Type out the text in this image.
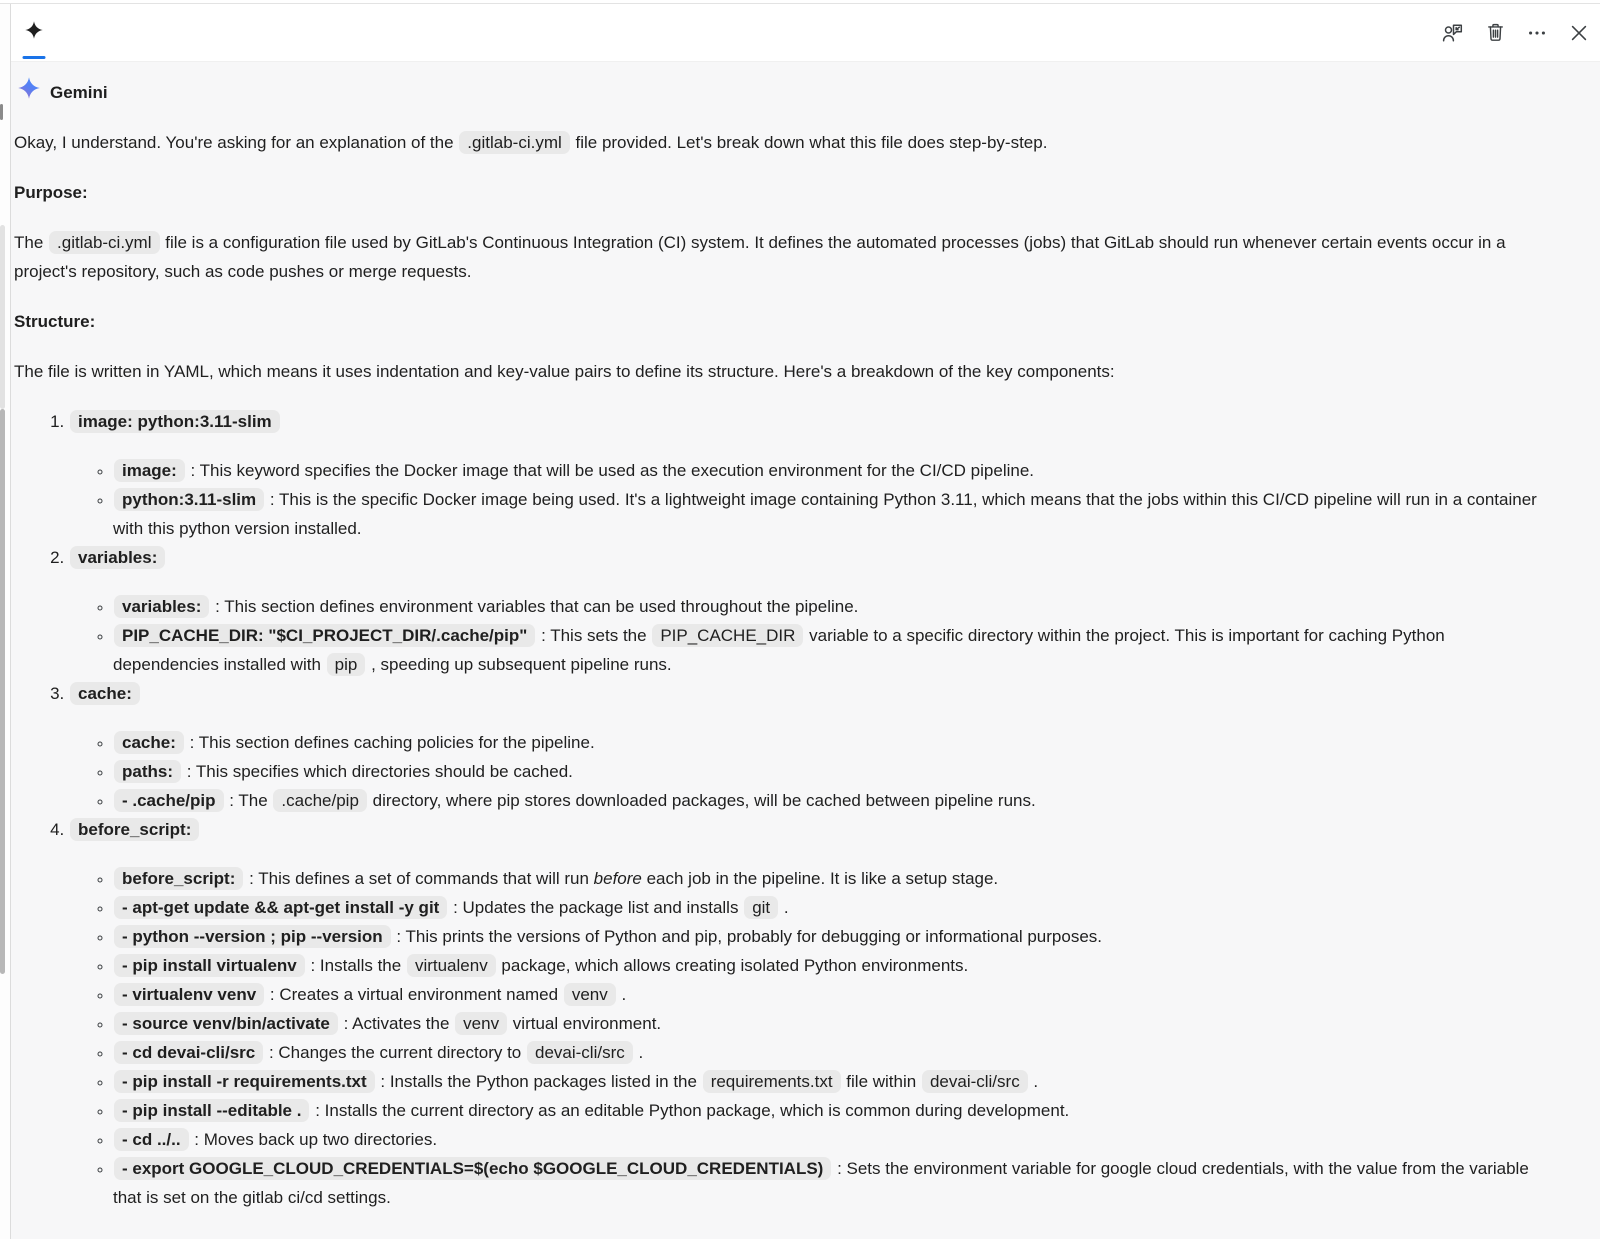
Gemini

Okay, I understand. You're asking for an explanation of the .gitlab-ci.yml file provided. Let's break down what this file does step-by-step.

Purpose:

The .gitlab-ci.yml file is a configuration file used by GitLab's Continuous Integration (CI) system. It defines the automated processes (jobs) that GitLab should run whenever certain events occur in a project's repository, such as code pushes or merge requests.

Structure:

The file is written in YAML, which means it uses indentation and key-value pairs to define its structure. Here's a breakdown of the key components:

1. image: python:3.11-slim
◦ image: : This keyword specifies the Docker image that will be used as the execution environment for the CI/CD pipeline.
◦ python:3.11-slim : This is the specific Docker image being used. It's a lightweight image containing Python 3.11, which means that the jobs within this CI/CD pipeline will run in a container with this python version installed.
2. variables:
◦ variables: : This section defines environment variables that can be used throughout the pipeline.
◦ PIP_CACHE_DIR: "$CI_PROJECT_DIR/.cache/pip" : This sets the PIP_CACHE_DIR variable to a specific directory within the project. This is important for caching Python dependencies installed with pip , speeding up subsequent pipeline runs.
3. cache:
◦ cache: : This section defines caching policies for the pipeline.
◦ paths: : This specifies which directories should be cached.
◦ - .cache/pip : The .cache/pip directory, where pip stores downloaded packages, will be cached between pipeline runs.
4. before_script:
◦ before_script: : This defines a set of commands that will run before each job in the pipeline. It is like a setup stage.
◦ - apt-get update && apt-get install -y git : Updates the package list and installs git .
◦ - python --version ; pip --version : This prints the versions of Python and pip, probably for debugging or informational purposes.
◦ - pip install virtualenv : Installs the virtualenv package, which allows creating isolated Python environments.
◦ - virtualenv venv : Creates a virtual environment named venv .
◦ - source venv/bin/activate : Activates the venv virtual environment.
◦ - cd devai-cli/src : Changes the current directory to devai-cli/src .
◦ - pip install -r requirements.txt : Installs the Python packages listed in the requirements.txt file within devai-cli/src .
◦ - pip install --editable . : Installs the current directory as an editable Python package, which is common during development.
◦ - cd ../.. : Moves back up two directories.
◦ - export GOOGLE_CLOUD_CREDENTIALS=$(echo $GOOGLE_CLOUD_CREDENTIALS) : Sets the environment variable for google cloud credentials, with the value from the variable that is set on the gitlab ci/cd settings.
